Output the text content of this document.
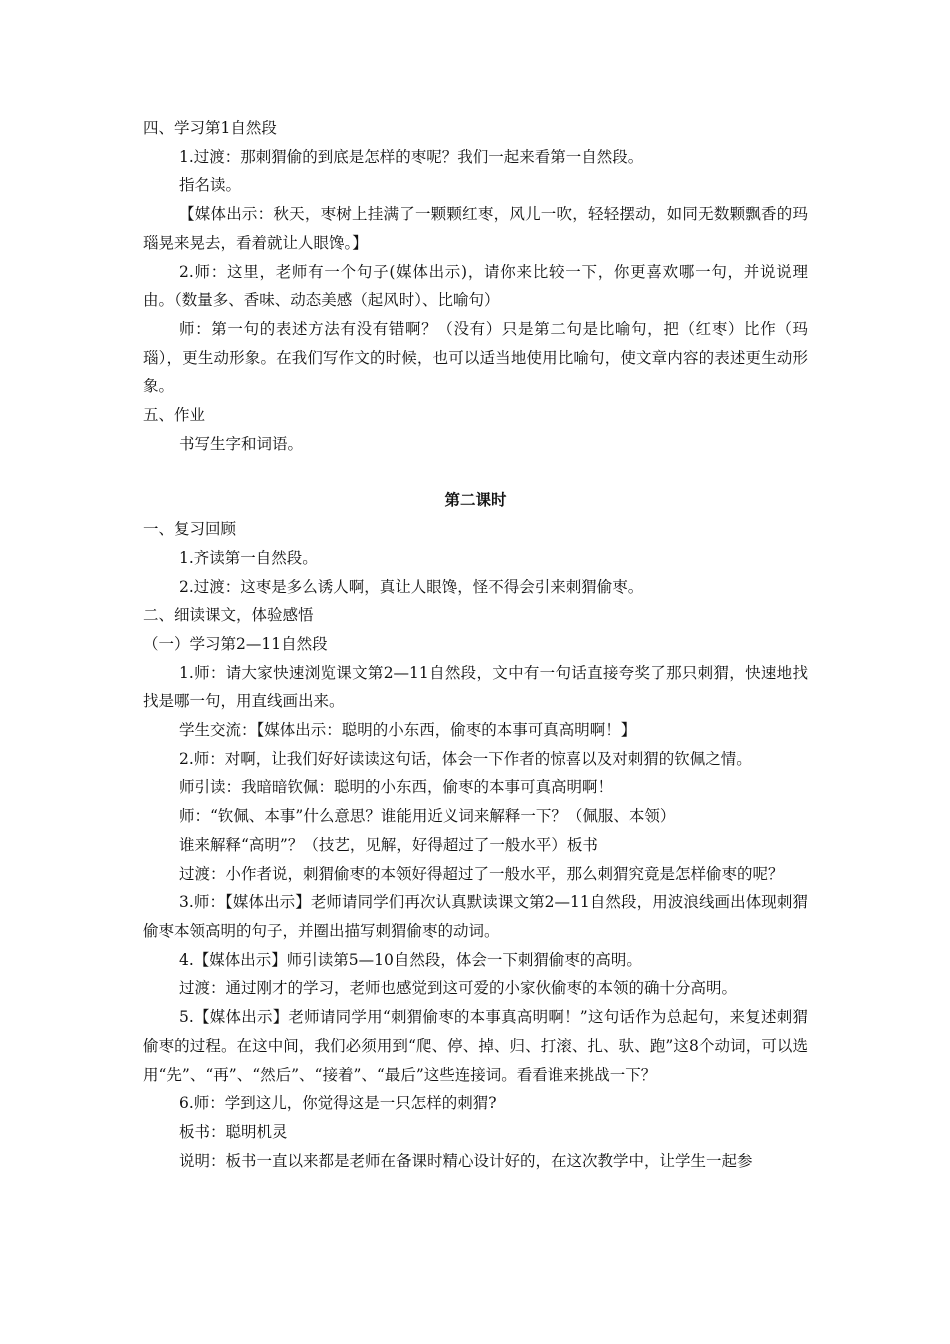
四、学习第1自然段

1.过渡：那刺猬偷的到底是怎样的枣呢？我们一起来看第一自然段。

指名读。

【媒体出示：秋天，枣树上挂满了一颗颗红枣，风儿一吹，轻轻摆动，如同无数颗飘香的玛瑙晃来晃去，看着就让人眼馋。】

2.师：这里，老师有一个句子(媒体出示)，请你来比较一下，你更喜欢哪一句，并说说理由。（数量多、香味、动态美感（起风时）、比喻句）

师：第一句的表述方法有没有错啊？（没有）只是第二句是比喻句，把（红枣）比作（玛瑙），更生动形象。在我们写作文的时候，也可以适当地使用比喻句，使文章内容的表述更生动形象。

五、作业

书写生字和词语。

第二课时

一、复习回顾

1.齐读第一自然段。

2.过渡：这枣是多么诱人啊，真让人眼馋，怪不得会引来刺猬偷枣。

二、细读课文，体验感悟

（一）学习第2—11自然段

1.师：请大家快速浏览课文第2—11自然段，文中有一句话直接夸奖了那只刺猬，快速地找找是哪一句，用直线画出来。

学生交流：【媒体出示：聪明的小东西，偷枣的本事可真高明啊！】

2.师：对啊，让我们好好读读这句话，体会一下作者的惊喜以及对刺猬的钦佩之情。

师引读：我暗暗钦佩：聪明的小东西，偷枣的本事可真高明啊！

师：“钦佩、本事”什么意思？谁能用近义词来解释一下？（佩服、本领）

谁来解释“高明”？（技艺，见解，好得超过了一般水平）板书

过渡：小作者说，刺猬偷枣的本领好得超过了一般水平，那么刺猬究竟是怎样偷枣的呢？

3.师：【媒体出示】老师请同学们再次认真默读课文第2—11自然段，用波浪线画出体现刺猬偷枣本领高明的句子，并圈出描写刺猬偷枣的动词。

4.【媒体出示】师引读第5—10自然段，体会一下刺猬偷枣的高明。

过渡：通过刚才的学习，老师也感觉到这可爱的小家伙偷枣的本领的确十分高明。

5.【媒体出示】老师请同学用“刺猬偷枣的本事真高明啊！”这句话作为总起句，来复述刺猬偷枣的过程。在这中间，我们必须用到“爬、停、掉、归、打滚、扎、驮、跑”这8个动词，可以选用“先”、“再”、“然后”、“接着”、“最后”这些连接词。看看谁来挑战一下？

6.师：学到这儿，你觉得这是一只怎样的刺猬?

板书：聪明机灵

说明：板书一直以来都是老师在备课时精心设计好的，在这次教学中，让学生一起参
